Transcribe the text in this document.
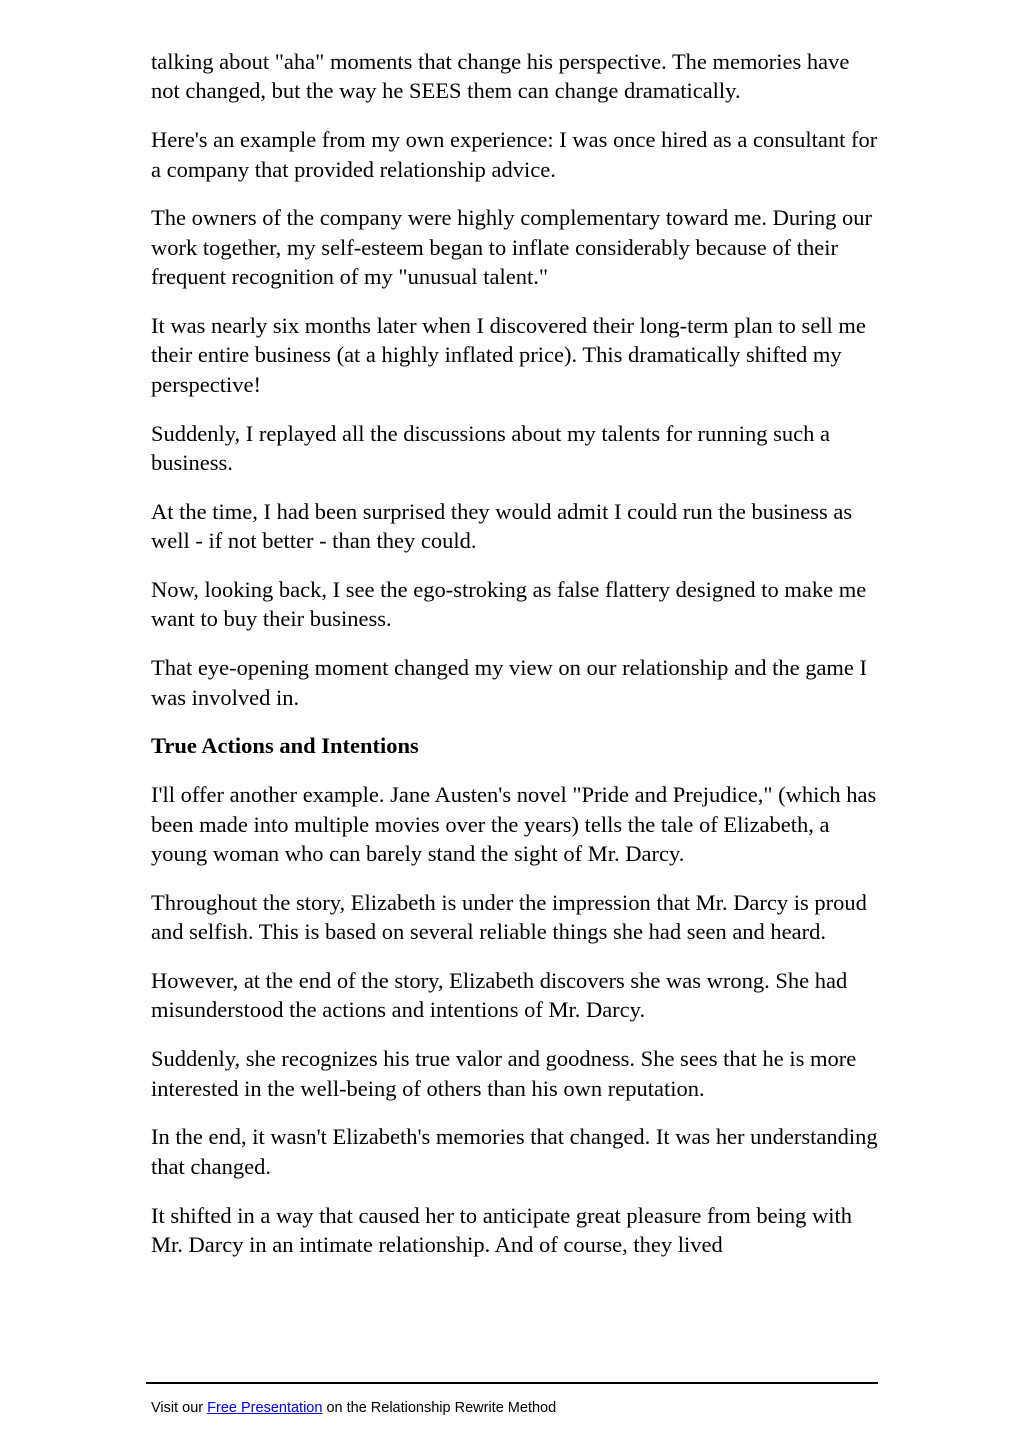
talking about "aha" moments that change his perspective. The memories have not changed, but the way he SEES them can change dramatically.

Here's an example from my own experience: I was once hired as a consultant for a company that provided relationship advice.

The owners of the company were highly complementary toward me. During our work together, my self-esteem began to inflate considerably because of their frequent recognition of my "unusual talent."

It was nearly six months later when I discovered their long-term plan to sell me their entire business (at a highly inflated price). This dramatically shifted my perspective!

Suddenly, I replayed all the discussions about my talents for running such a business.

At the time, I had been surprised they would admit I could run the business as well - if not better - than they could.

Now, looking back, I see the ego-stroking as false flattery designed to make me want to buy their business.

That eye-opening moment changed my view on our relationship and the game I was involved in.

True Actions and Intentions

I'll offer another example. Jane Austen's novel "Pride and Prejudice," (which has been made into multiple movies over the years) tells the tale of Elizabeth, a young woman who can barely stand the sight of Mr. Darcy.

Throughout the story, Elizabeth is under the impression that Mr. Darcy is proud and selfish. This is based on several reliable things she had seen and heard.

However, at the end of the story, Elizabeth discovers she was wrong. She had misunderstood the actions and intentions of Mr. Darcy.

Suddenly, she recognizes his true valor and goodness. She sees that he is more interested in the well-being of others than his own reputation.

In the end, it wasn't Elizabeth's memories that changed. It was her understanding that changed.

It shifted in a way that caused her to anticipate great pleasure from being with Mr. Darcy in an intimate relationship. And of course, they lived

Visit our Free Presentation on the Relationship Rewrite Method
